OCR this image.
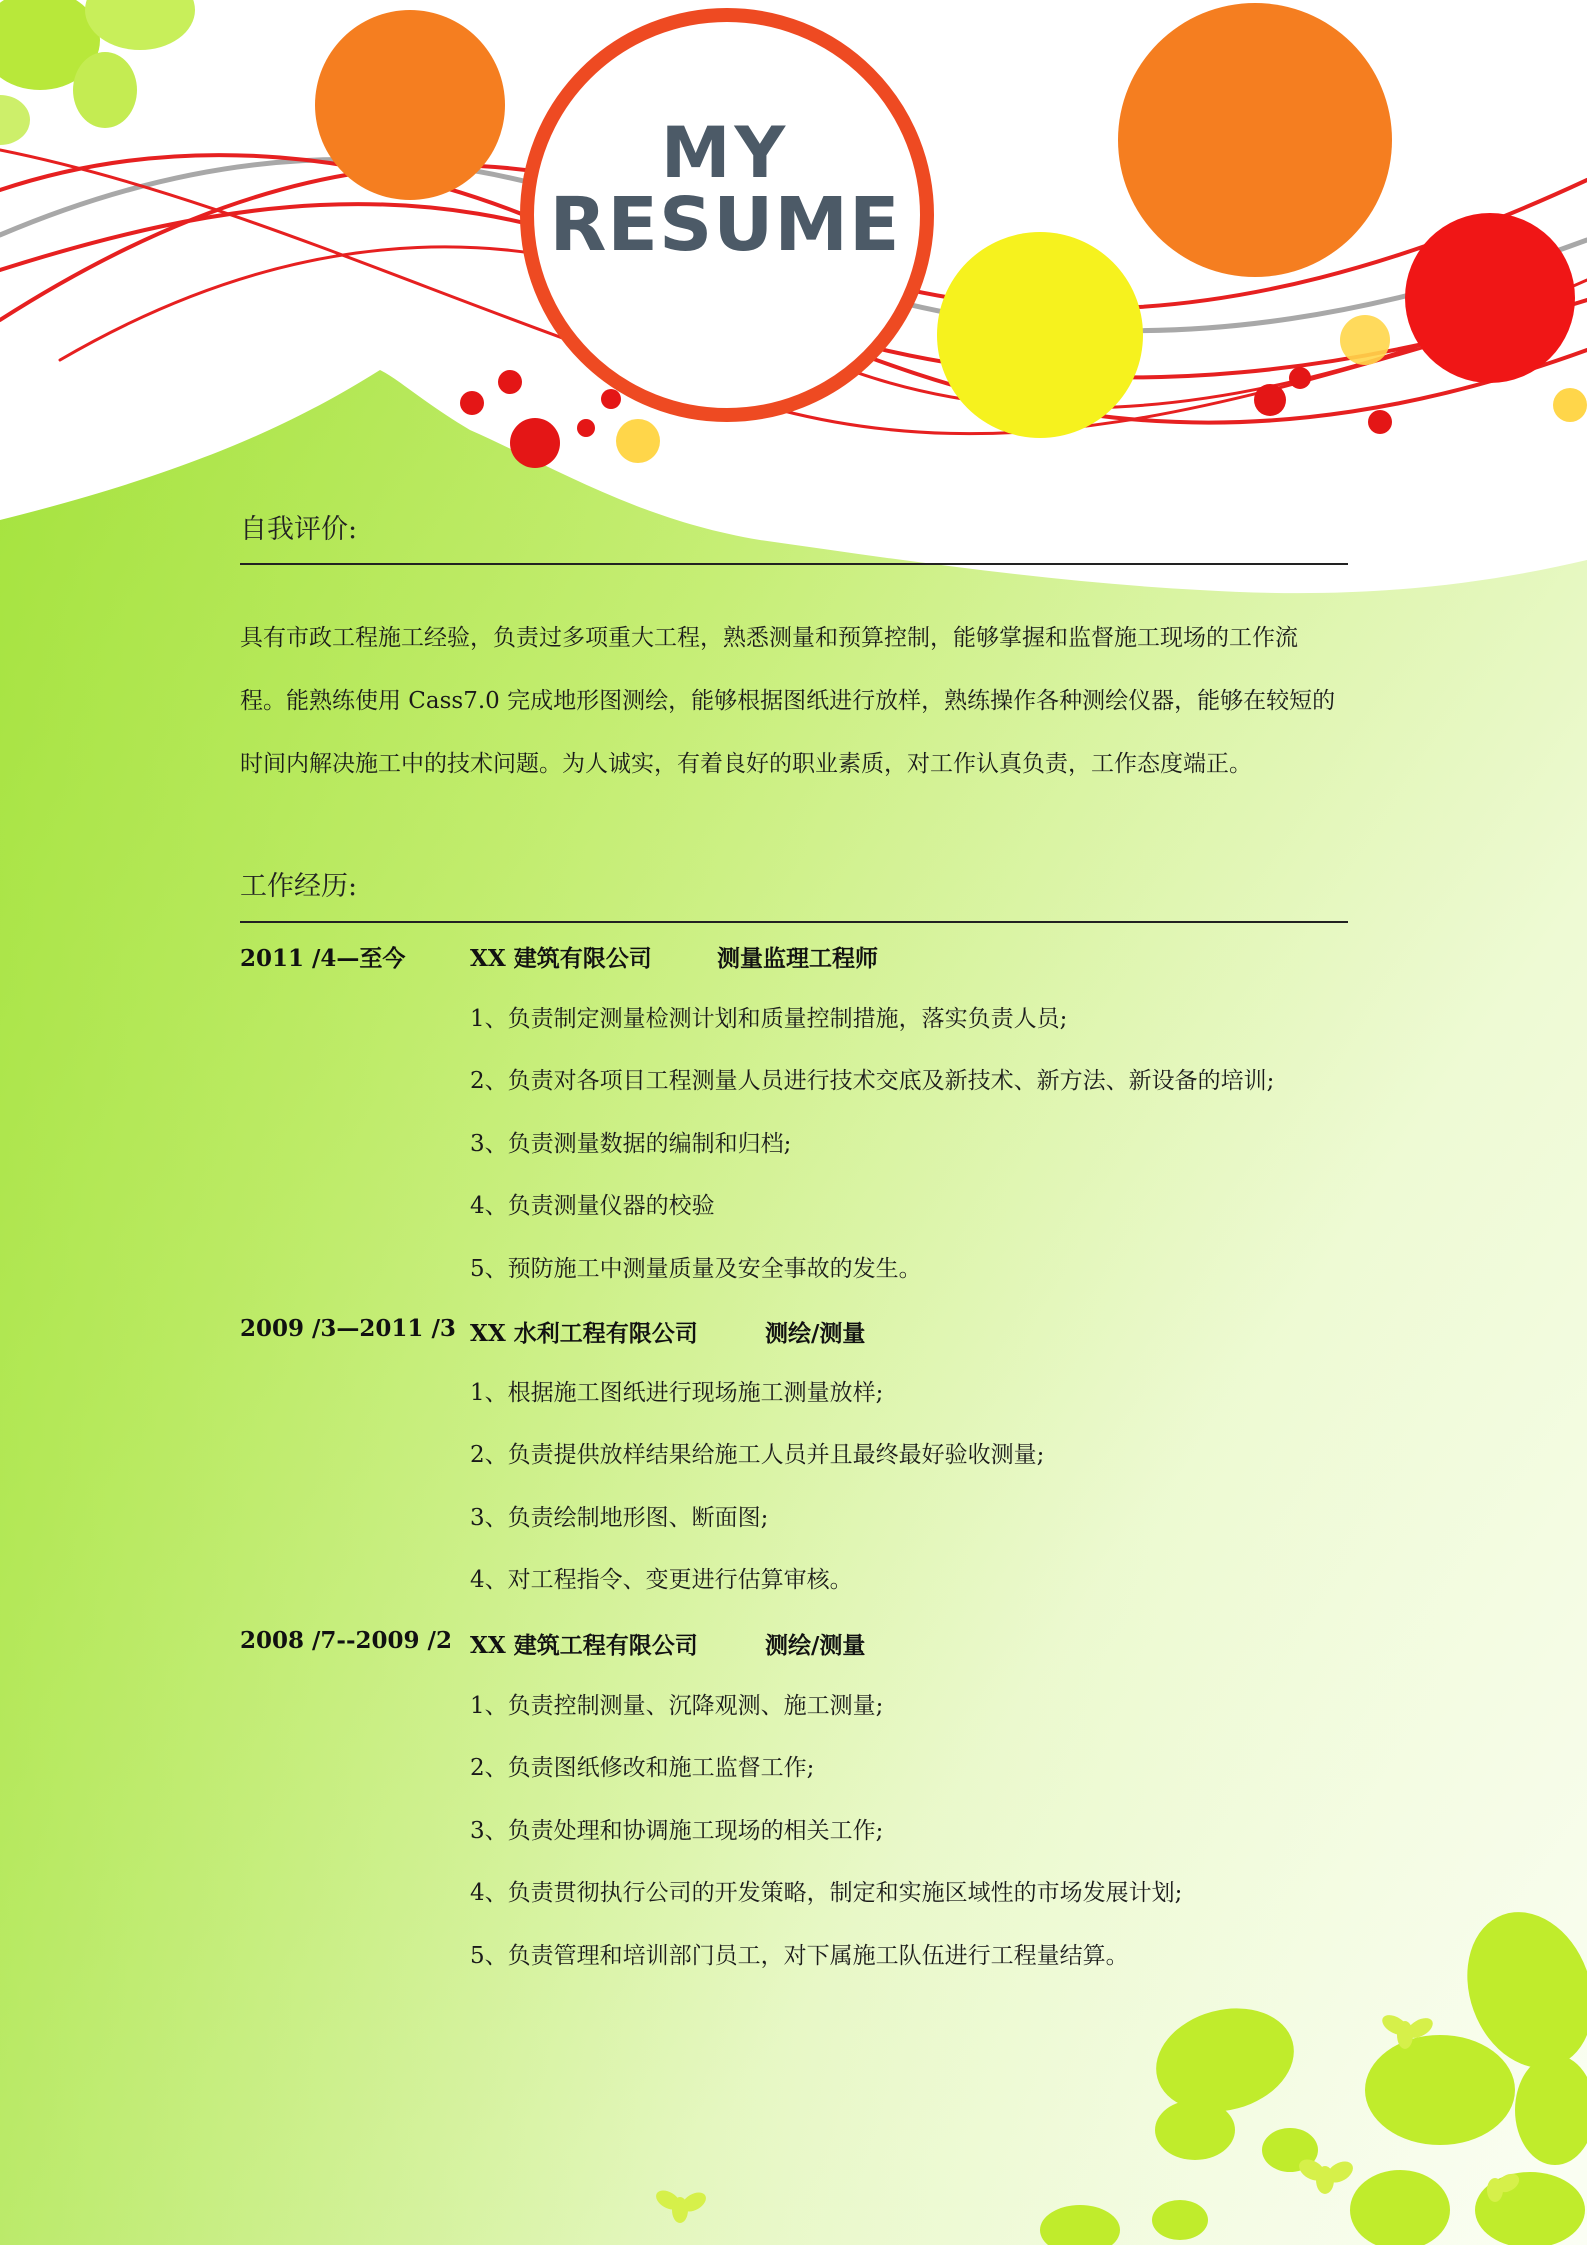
MY
RESUME
自我评价:
具有市政工程施工经验，负责过多项重大工程，熟悉测量和预算控制，能够掌握和监督施工现场的工作流
程。能熟练使用 Cass7.0 完成地形图测绘，能够根据图纸进行放样，熟练操作各种测绘仪器，能够在较短的
时间内解决施工中的技术问题。为人诚实，有着良好的职业素质，对工作认真负责，工作态度端正。
工作经历:
2011 /4—至今	XX 建筑有限公司	测量监理工程师
1、负责制定测量检测计划和质量控制措施，落实负责人员;
2、负责对各项目工程测量人员进行技术交底及新技术、新方法、新设备的培训;
3、负责测量数据的编制和归档;
4、负责测量仪器的校验
5、预防施工中测量质量及安全事故的发生。
2009 /3—2011 /3 XX 水利工程有限公司	测绘/测量
1、根据施工图纸进行现场施工测量放样;
2、负责提供放样结果给施工人员并且最终最好验收测量;
3、负责绘制地形图、断面图;
4、对工程指令、变更进行估算审核。
2008 /7--2009 /2 XX 建筑工程有限公司	测绘/测量
1、负责控制测量、沉降观测、施工测量;
2、负责图纸修改和施工监督工作;
3、负责处理和协调施工现场的相关工作;
4、负责贯彻执行公司的开发策略，制定和实施区域性的市场发展计划;
5、负责管理和培训部门员工，对下属施工队伍进行工程量结算。
